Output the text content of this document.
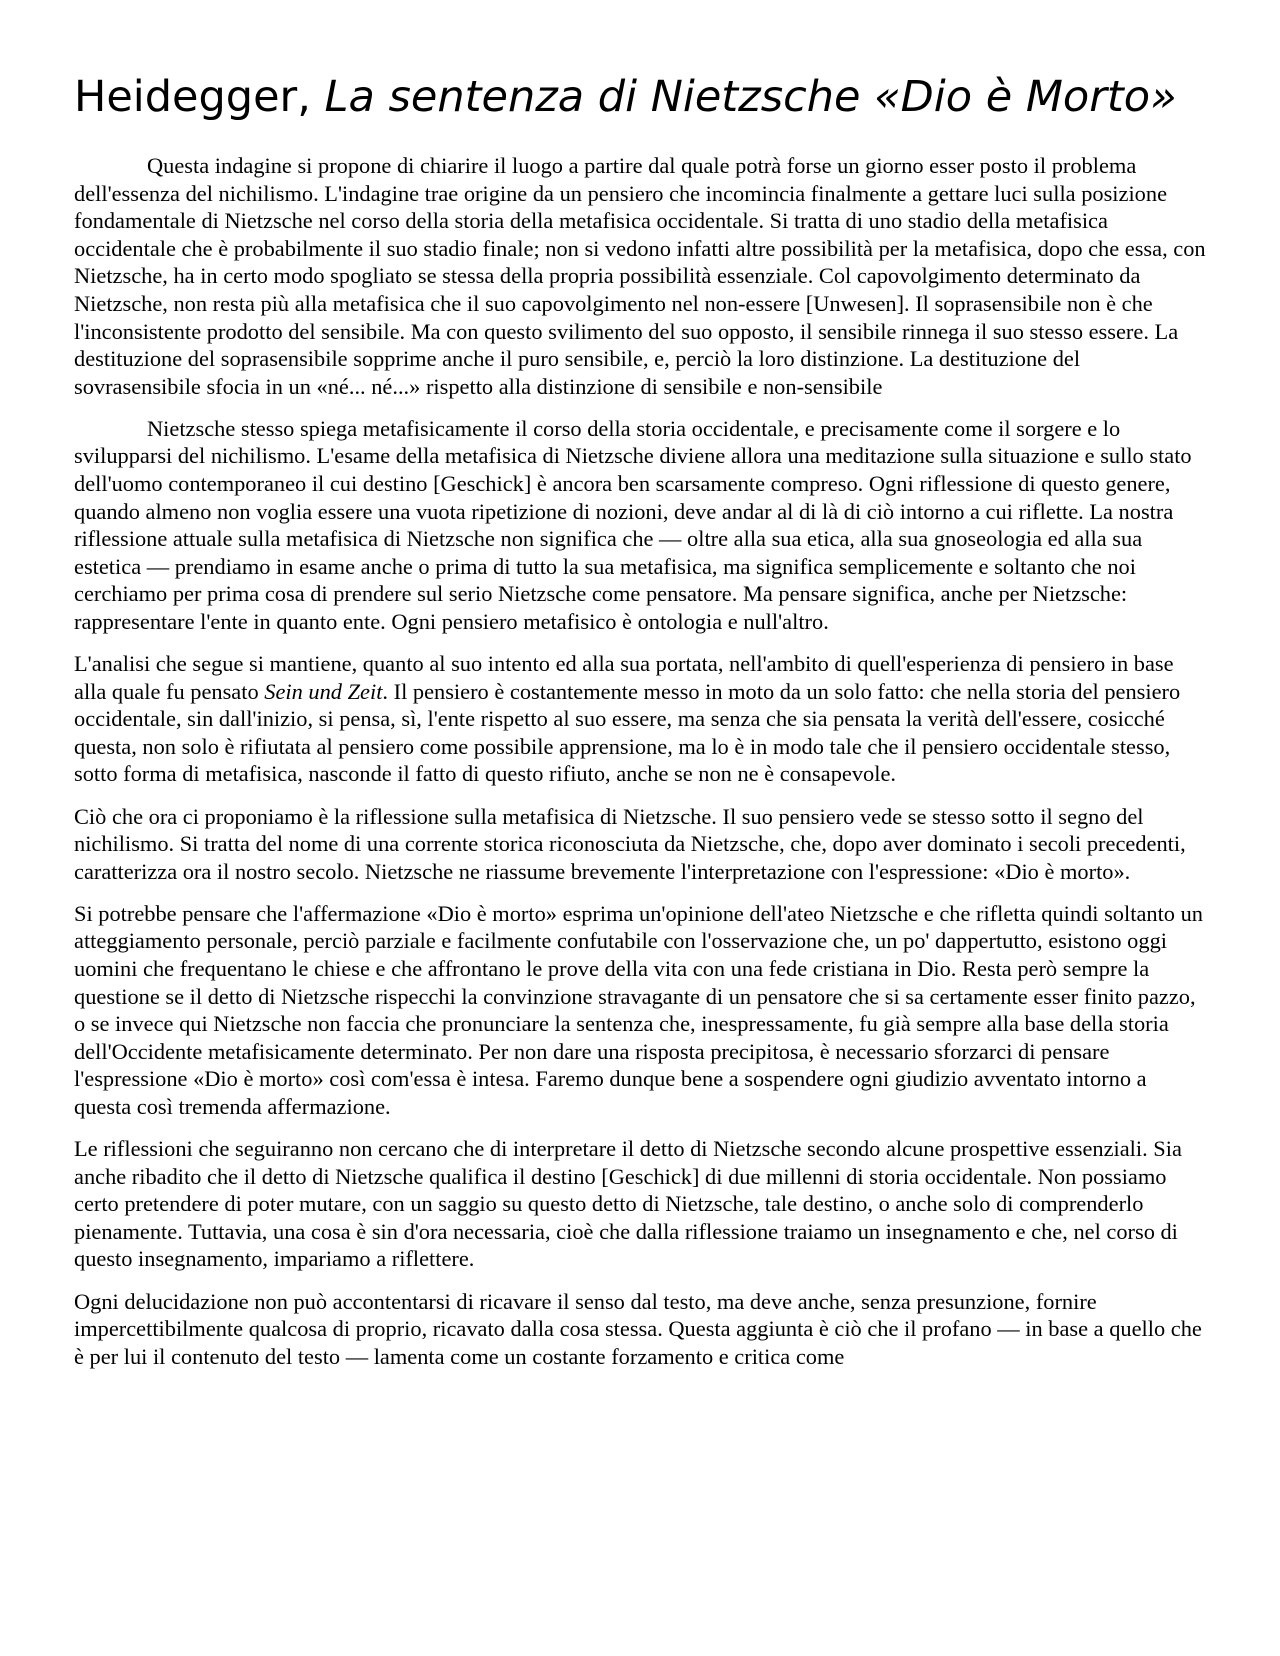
Heidegger, La sentenza di Nietzsche «Dio è Morto»

Questa indagine si propone di chiarire il luogo a partire dal quale potrà forse un giorno esser posto il problema dell'essenza del nichilismo. L'indagine trae origine da un pensiero che incomincia finalmente a gettare luci sulla posizione fondamentale di Nietzsche nel corso della storia della metafisica occidentale. Si tratta di uno stadio della metafisica occidentale che è probabilmente il suo stadio finale; non si vedono infatti altre possibilità per la metafisica, dopo che essa, con Nietzsche, ha in certo modo spogliato se stessa della propria possibilità essenziale. Col capovolgimento determinato da Nietzsche, non resta più alla metafisica che il suo capovolgimento nel non-essere [Unwesen]. Il soprasensibile non è che l'inconsistente prodotto del sensibile. Ma con questo svilimento del suo opposto, il sensibile rinnega il suo stesso essere. La destituzione del soprasensibile sopprime anche il puro sensibile, e, perciò la loro distinzione. La destituzione del sovrasensibile sfocia in un «né... né...» rispetto alla distinzione di sensibile e non-sensibile

Nietzsche stesso spiega metafisicamente il corso della storia occidentale, e precisamente come il sorgere e lo svilupparsi del nichilismo. L'esame della metafisica di Nietzsche diviene allora una meditazione sulla situazione e sullo stato dell'uomo contemporaneo il cui destino [Geschick] è ancora ben scarsamente compreso. Ogni riflessione di questo genere, quando almeno non voglia essere una vuota ripetizione di nozioni, deve andar al di là di ciò intorno a cui riflette. La nostra riflessione attuale sulla metafisica di Nietzsche non significa che — oltre alla sua etica, alla sua gnoseologia ed alla sua estetica — prendiamo in esame anche o prima di tutto la sua metafisica, ma significa semplicemente e soltanto che noi cerchiamo per prima cosa di prendere sul serio Nietzsche come pensatore. Ma pensare significa, anche per Nietzsche: rappresentare l'ente in quanto ente. Ogni pensiero metafisico è ontologia e null'altro.

L'analisi che segue si mantiene, quanto al suo intento ed alla sua portata, nell'ambito di quell'esperienza di pensiero in base alla quale fu pensato Sein und Zeit. Il pensiero è costantemente messo in moto da un solo fatto: che nella storia del pensiero occidentale, sin dall'inizio, si pensa, sì, l'ente rispetto al suo essere, ma senza che sia pensata la verità dell'essere, cosicché questa, non solo è rifiutata al pensiero come possibile apprensione, ma lo è in modo tale che il pensiero occidentale stesso, sotto forma di metafisica, nasconde il fatto di questo rifiuto, anche se non ne è consapevole.

Ciò che ora ci proponiamo è la riflessione sulla metafisica di Nietzsche. Il suo pensiero vede se stesso sotto il segno del nichilismo. Si tratta del nome di una corrente storica riconosciuta da Nietzsche, che, dopo aver dominato i secoli precedenti, caratterizza ora il nostro secolo. Nietzsche ne riassume brevemente l'interpretazione con l'espressione: «Dio è morto».

Si potrebbe pensare che l'affermazione «Dio è morto» esprima un'opinione dell'ateo Nietzsche e che rifletta quindi soltanto un atteggiamento personale, perciò parziale e facilmente confutabile con l'osservazione che, un po' dappertutto, esistono oggi uomini che frequentano le chiese e che affrontano le prove della vita con una fede cristiana in Dio. Resta però sempre la questione se il detto di Nietzsche rispecchi la convinzione stravagante di un pensatore che si sa certamente esser finito pazzo, o se invece qui Nietzsche non faccia che pronunciare la sentenza che, inespressamente, fu già sempre alla base della storia dell'Occidente metafisicamente determinato. Per non dare una risposta precipitosa, è necessario sforzarci di pensare l'espressione «Dio è morto» così com'essa è intesa. Faremo dunque bene a sospendere ogni giudizio avventato intorno a questa così tremenda affermazione.

Le riflessioni che seguiranno non cercano che di interpretare il detto di Nietzsche secondo alcune prospettive essenziali. Sia anche ribadito che il detto di Nietzsche qualifica il destino [Geschick] di due millenni di storia occidentale. Non possiamo certo pretendere di poter mutare, con un saggio su questo detto di Nietzsche, tale destino, o anche solo di comprenderlo pienamente. Tuttavia, una cosa è sin d'ora necessaria, cioè che dalla riflessione traiamo un insegnamento e che, nel corso di questo insegnamento, impariamo a riflettere.

Ogni delucidazione non può accontentarsi di ricavare il senso dal testo, ma deve anche, senza presunzione, fornire impercettibilmente qualcosa di proprio, ricavato dalla cosa stessa. Questa aggiunta è ciò che il profano — in base a quello che è per lui il contenuto del testo — lamenta come un costante forzamento e critica come
